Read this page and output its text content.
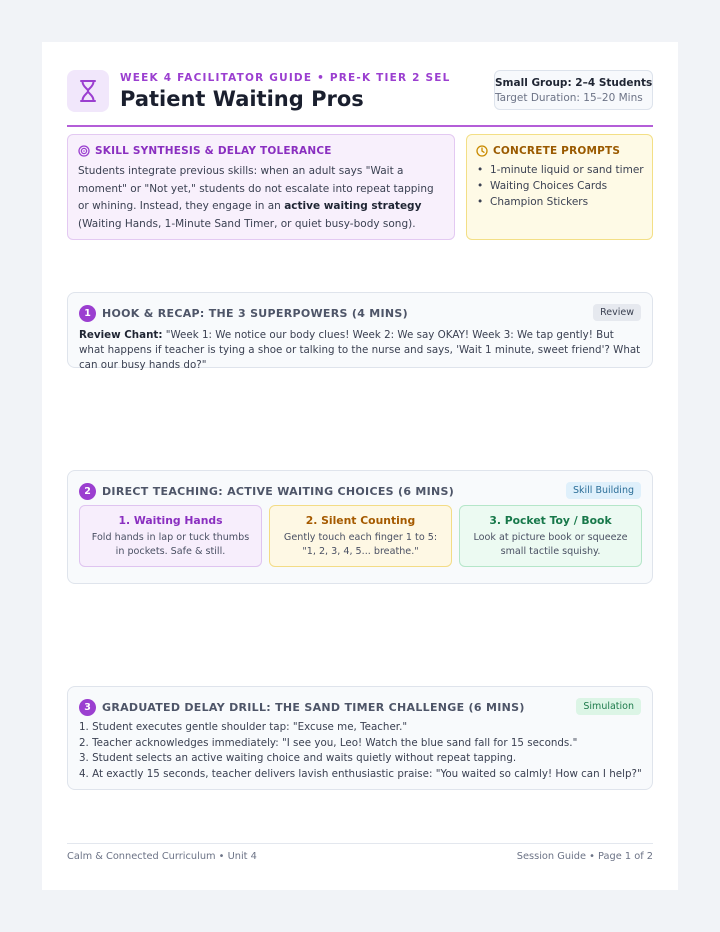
WEEK 4 FACILITATOR GUIDE • PRE-K TIER 2 SEL
Patient Waiting Pros
Small Group: 2–4 Students
Target Duration: 15–20 Mins
SKILL SYNTHESIS & DELAY TOLERANCE
Students integrate previous skills: when an adult says "Wait a moment" or "Not yet," students do not escalate into repeat tapping or whining. Instead, they engage in an active waiting strategy (Waiting Hands, 1-Minute Sand Timer, or quiet busy-body song).
CONCRETE PROMPTS
• 1-minute liquid or sand timer
• Waiting Choices Cards
• Champion Stickers
1	HOOK & RECAP: THE 3 SUPERPOWERS (4 MINS)	Review
Review Chant: "Week 1: We notice our body clues! Week 2: We say OKAY! Week 3: We tap gently! But what happens if teacher is tying a shoe or talking to the nurse and says, 'Wait 1 minute, sweet friend'? What can our busy hands do?"
2	DIRECT TEACHING: ACTIVE WAITING CHOICES (6 MINS)	Skill Building
1. Waiting Hands
Fold hands in lap or tuck thumbs in pockets. Safe & still.
2. Silent Counting
Gently touch each finger 1 to 5: "1, 2, 3, 4, 5... breathe."
3. Pocket Toy / Book
Look at picture book or squeeze small tactile squishy.
3	GRADUATED DELAY DRILL: THE SAND TIMER CHALLENGE (6 MINS)	Simulation
1. Student executes gentle shoulder tap: "Excuse me, Teacher."
2. Teacher acknowledges immediately: "I see you, Leo! Watch the blue sand fall for 15 seconds."
3. Student selects an active waiting choice and waits quietly without repeat tapping.
4. At exactly 15 seconds, teacher delivers lavish enthusiastic praise: "You waited so calmly! How can I help?"
Calm & Connected Curriculum • Unit 4	Session Guide • Page 1 of 2
